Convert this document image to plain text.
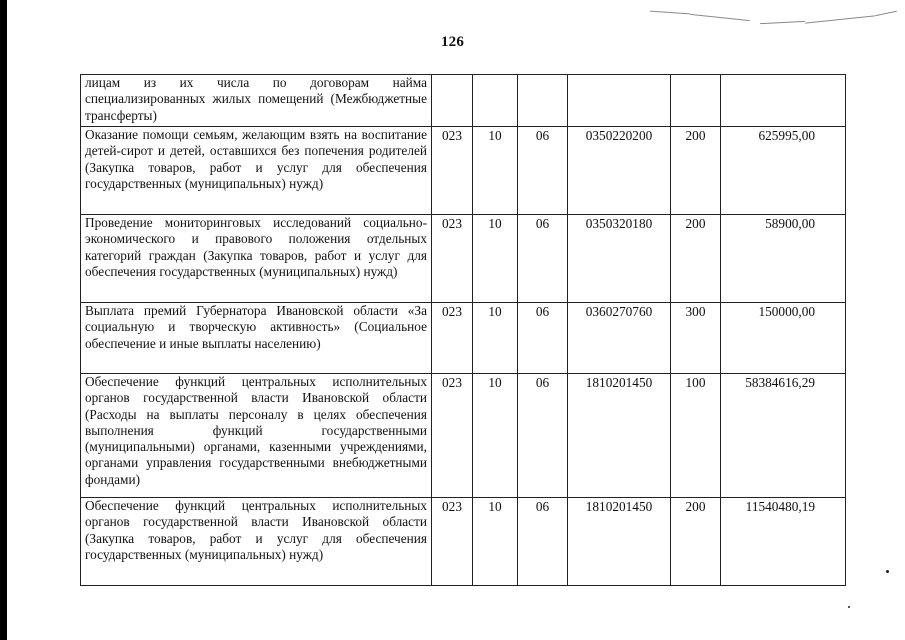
126
лицам из их числа по договорам найма специализированных жилых помещений (Межбюджетные трансферты)						
Оказание помощи семьям, желающим взять на воспитание детей-сирот и детей, оставшихся без попечения родителей (Закупка товаров, работ и услуг для обеспечения государственных (муниципальных) нужд)	023	10	06	0350220200	200	625995,00
Проведение мониторинговых исследований социально-экономического и правового положения отдельных категорий граждан (Закупка товаров, работ и услуг для обеспечения государственных (муниципальных) нужд)	023	10	06	0350320180	200	58900,00
Выплата премий Губернатора Ивановской области «За социальную и творческую активность» (Социальное обеспечение и иные выплаты населению)	023	10	06	0360270760	300	150000,00
Обеспечение функций центральных исполнительных органов государственной власти Ивановской области (Расходы на выплаты персоналу в целях обеспечения выполнения функций государственными (муниципальными) органами, казенными учреждениями, органами управления государственными внебюджетными фондами)	023	10	06	1810201450	100	58384616,29
Обеспечение функций центральных исполнительных органов государственной власти Ивановской области (Закупка товаров, работ и услуг для обеспечения государственных (муниципальных) нужд)	023	10	06	1810201450	200	11540480,19
